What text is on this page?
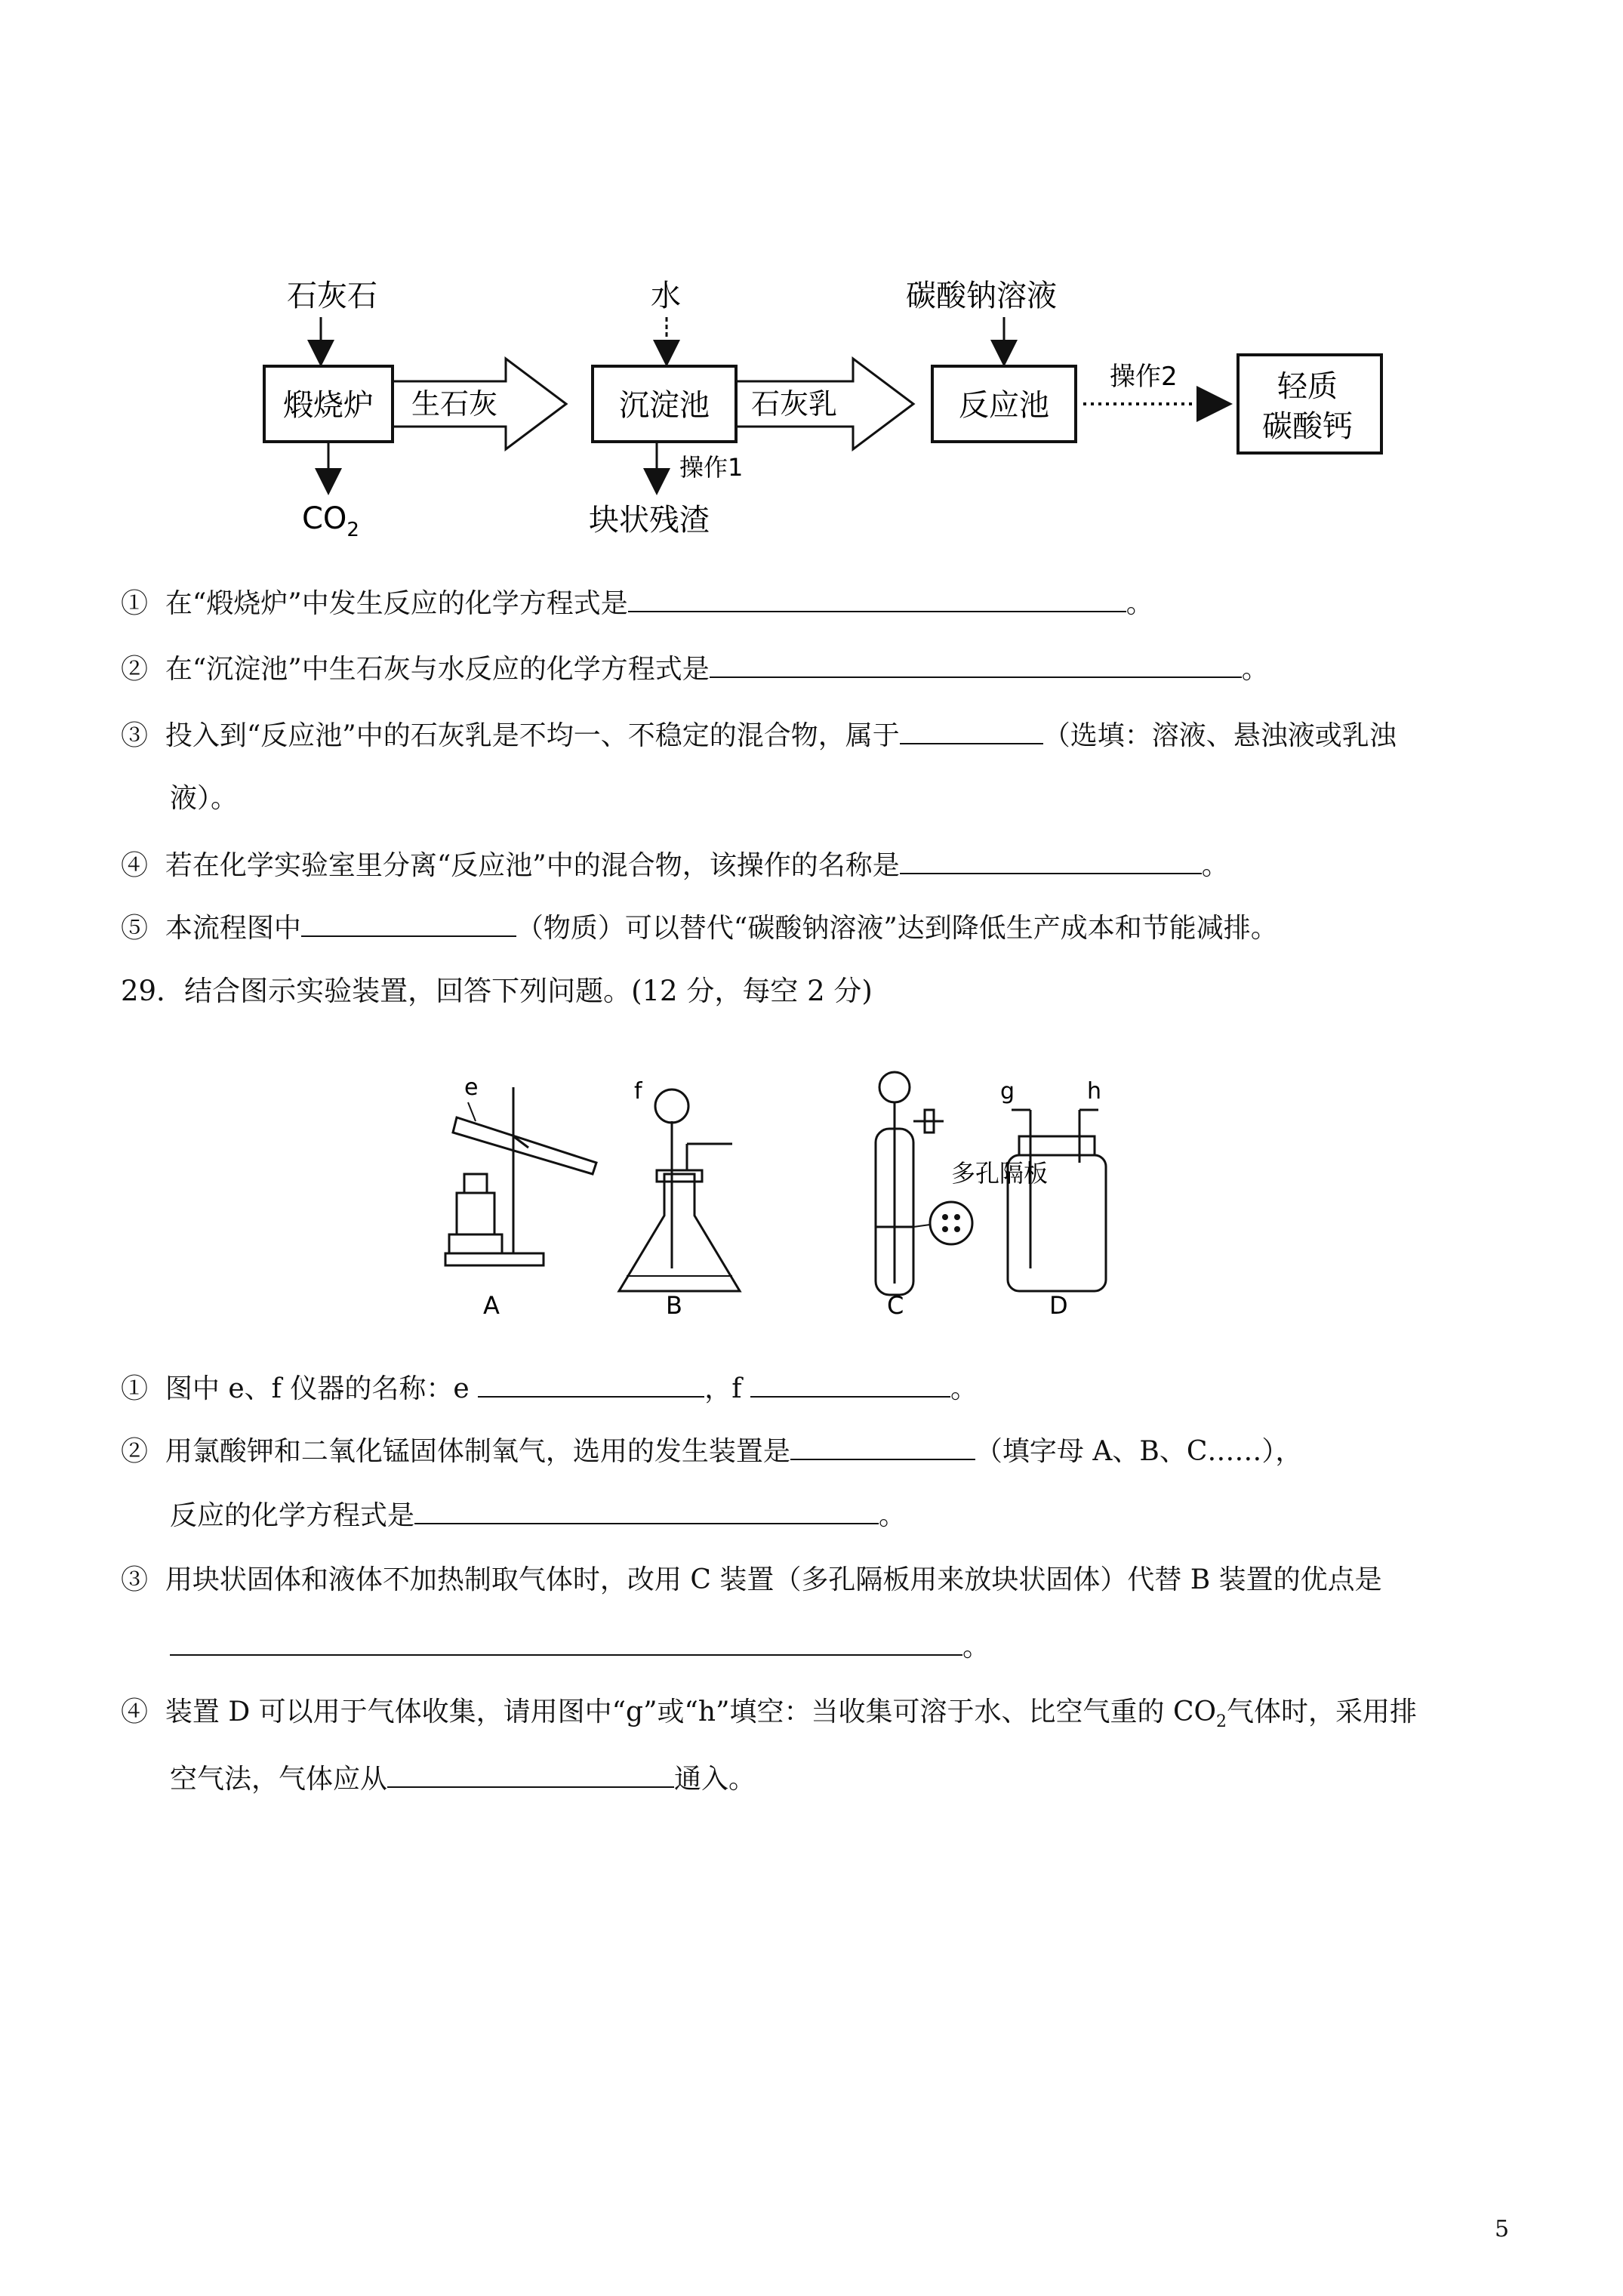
石灰石	水	碳酸钠溶液
煅烧炉	沉淀池	反应池
轻质
碳酸钙
生石灰	石灰乳
操作2
$CO_2$
操作1
块状残渣
① 在“煅烧炉”中发生反应的化学方程式是	。
② 在“沉淀池”中生石灰与水反应的化学方程式是	。
③ 投入到“反应池”中的石灰乳是不均一、不稳定的混合物，属于	（选填：溶液、悬浊液或乳浊
液）。
④ 若在化学实验室里分离“反应池”中的混合物，该操作的名称是	。
⑤ 本流程图中	（物质）可以替代“碳酸钠溶液”达到降低生产成本和节能减排。
29．结合图示实验装置，回答下列问题。(12 分，每空 2 分)
e	f	g	h
多孔隔板
A	B	C	D
① 图中 e、f 仪器的名称：e	，f	。
② 用氯酸钾和二氧化锰固体制氧气，选用的发生装置是	（填字母 A、B、C……），
反应的化学方程式是	。
③ 用块状固体和液体不加热制取气体时，改用 C 装置（多孔隔板用来放块状固体）代替 B 装置的优点是
。
④ 装置 D 可以用于气体收集，请用图中“g”或“h”填空：当收集可溶于水、比空气重的 $CO_2$气体时，采用排
空气法，气体应从	通入。
5
